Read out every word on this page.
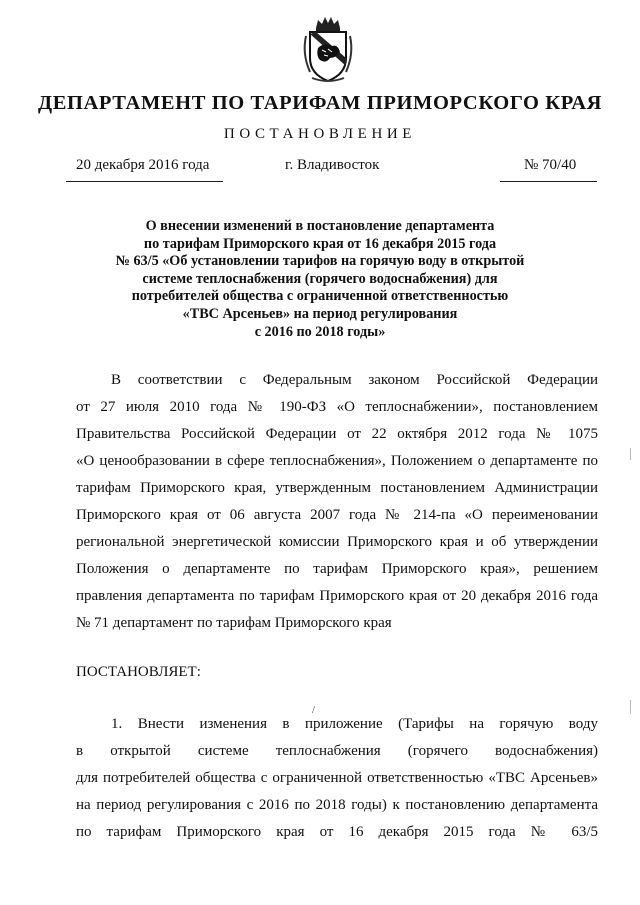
ДЕПАРТАМЕНТ ПО ТАРИФАМ ПРИМОРСКОГО КРАЯ
ПОСТАНОВЛЕНИЕ
20 декабря 2016 года	г. Владивосток	№ 70/40
О внесении изменений в постановление департамента
по тарифам Приморского края от 16 декабря 2015 года
№ 63/5 «Об установлении тарифов на горячую воду в открытой
системе теплоснабжения (горячего водоснабжения) для
потребителей общества с ограниченной ответственностью
«ТВС Арсеньев» на период регулирования
с 2016 по 2018 годы»
В соответствии с Федеральным законом Российской Федерации
от 27 июля 2010 года № 190-ФЗ «О теплоснабжении», постановлением
Правительства Российской Федерации от 22 октября 2012 года № 1075
«О ценообразовании в сфере теплоснабжения», Положением о департаменте по
тарифам Приморского края, утвержденным постановлением Администрации
Приморского края от 06 августа 2007 года № 214-па «О переименовании
региональной энергетической комиссии Приморского края и об утверждении
Положения о департаменте по тарифам Приморского края», решением
правления департамента по тарифам Приморского края от 20 декабря 2016 года
№ 71 департамент по тарифам Приморского края
ПОСТАНОВЛЯЕТ:
/
1. Внести изменения в приложение (Тарифы на горячую воду
в открытой системе теплоснабжения (горячего водоснабжения)
для потребителей общества с ограниченной ответственностью «ТВС Арсеньев»
на период регулирования с 2016 по 2018 годы) к постановлению департамента
по тарифам Приморского края от 16 декабря 2015 года № 63/5
